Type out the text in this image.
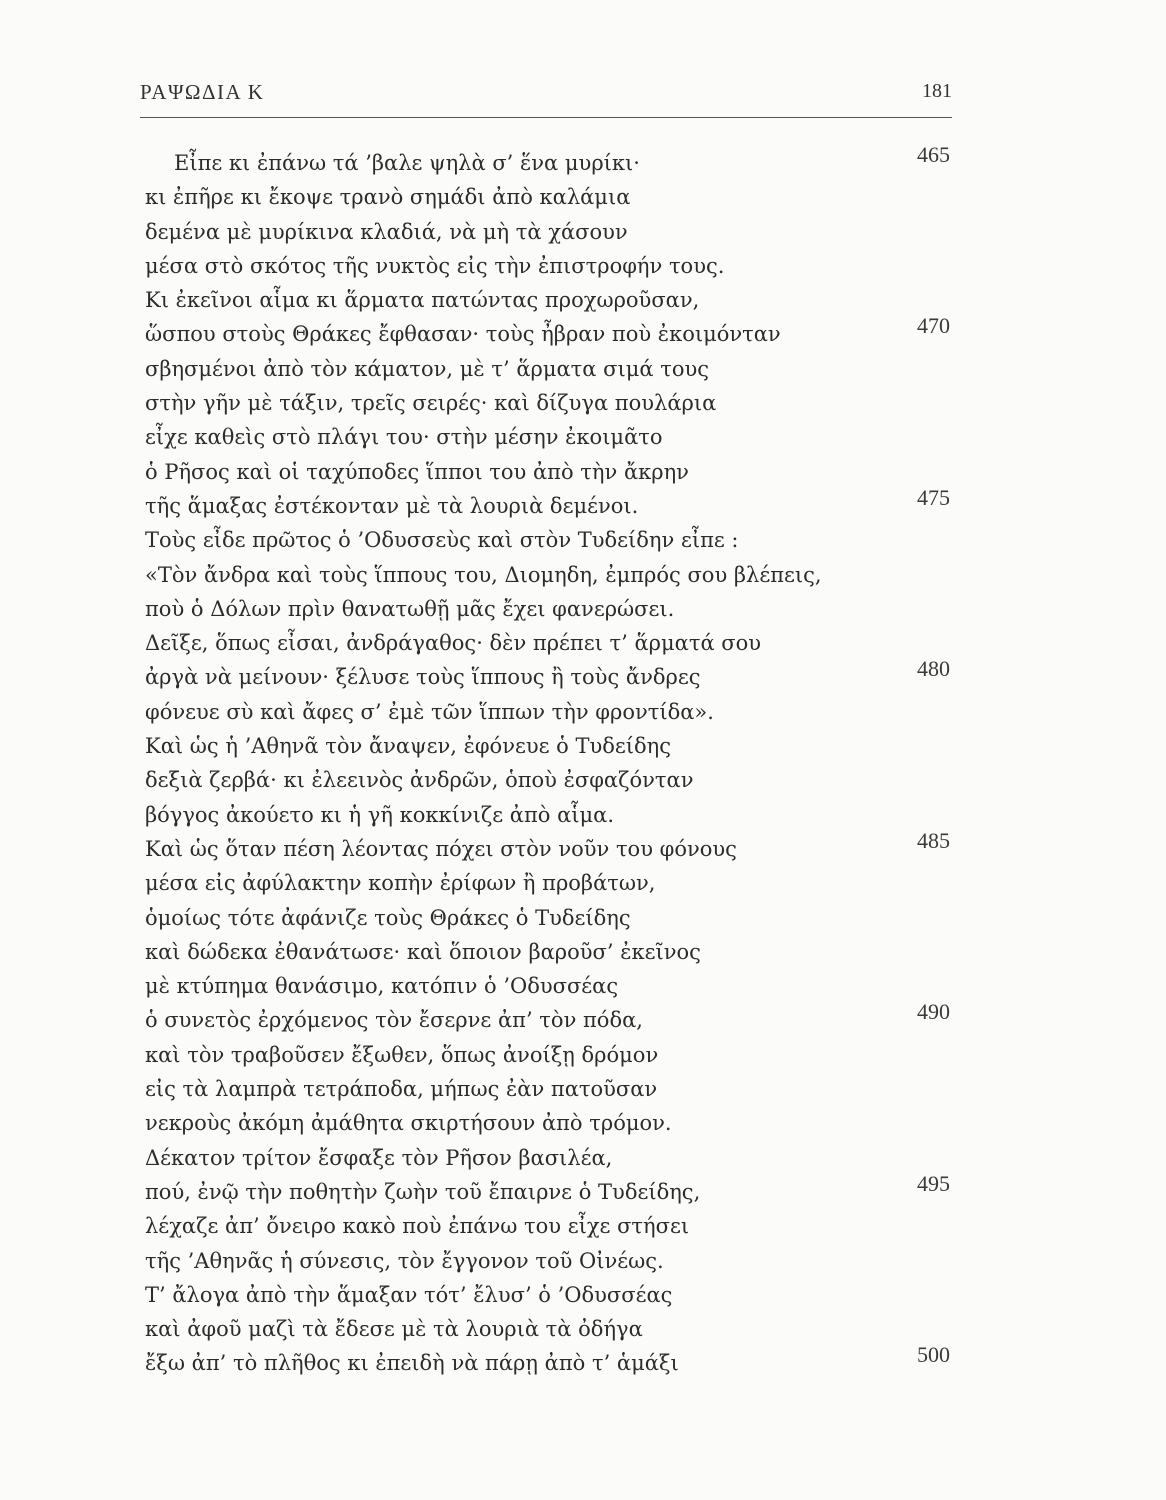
ΡΑΨΩΔΙΑ Κ	181
Εἶπε κι ἐπάνω τά ’βαλε ψηλὰ σ’ ἕνα μυρίκι·	465
κι ἐπῆρε κι ἔκοψε τρανὸ σημάδι ἀπὸ καλάμια
δεμένα μὲ μυρίκινα κλαδιά, νὰ μὴ τὰ χάσουν
μέσα στὸ σκότος τῆς νυκτὸς εἰς τὴν ἐπιστροφήν τους.
Κι ἐκεῖνοι αἷμα κι ἅρματα πατώντας προχωροῦσαν,
ὥσπου στοὺς Θράκες ἔφθασαν· τοὺς ἦβραν ποὺ ἐκοιμόνταν	470
σβησμένοι ἀπὸ τὸν κάματον, μὲ τ’ ἅρματα σιμά τους
στὴν γῆν μὲ τάξιν, τρεῖς σειρές· καὶ δίζυγα πουλάρια
εἶχε καθεὶς στὸ πλάγι του· στὴν μέσην ἐκοιμᾶτο
ὁ Ρῆσος καὶ οἱ ταχύποδες ἵπποι του ἀπὸ τὴν ἄκρην
τῆς ἅμαξας ἐστέκονταν μὲ τὰ λουριὰ δεμένοι.	475
Τοὺς εἶδε πρῶτος ὁ ’Οδυσσεὺς καὶ στὸν Τυδείδην εἶπε :
«Τὸν ἄνδρα καὶ τοὺς ἵππους του, Διομηδη, ἐμπρός σου βλέπεις,
ποὺ ὁ Δόλων πρὶν θανατωθῇ μᾶς ἔχει φανερώσει.
Δεῖξε, ὅπως εἶσαι, ἀνδράγαθος· δὲν πρέπει τ’ ἅρματά σου
ἀργὰ νὰ μείνουν· ξέλυσε τοὺς ἵππους ἢ τοὺς ἄνδρες	480
φόνευε σὺ καὶ ἄφες σ’ ἐμὲ τῶν ἵππων τὴν φροντίδα».
Καὶ ὡς ἡ ’Αθηνᾶ τὸν ἄναψεν, ἐφόνευε ὁ Τυδείδης
δεξιὰ ζερβά· κι ἐλεεινὸς ἀνδρῶν, ὁποὺ ἐσφαζόνταν
βόγγος ἀκούετο κι ἡ γῆ κοκκίνιζε ἀπὸ αἷμα.
Καὶ ὡς ὅταν πέση λέοντας πόχει στὸν νοῦν του φόνους	485
μέσα εἰς ἀφύλακτην κοπὴν ἐρίφων ἢ προβάτων,
ὁμοίως τότε ἀφάνιζε τοὺς Θράκες ὁ Τυδείδης
καὶ δώδεκα ἐθανάτωσε· καὶ ὅποιον βαροῦσ’ ἐκεῖνος
μὲ κτύπημα θανάσιμο, κατόπιν ὁ ’Οδυσσέας
ὁ συνετὸς ἐρχόμενος τὸν ἔσερνε ἀπ’ τὸν πόδα,	490
καὶ τὸν τραβοῦσεν ἔξωθεν, ὅπως ἀνοίξῃ δρόμον
εἰς τὰ λαμπρὰ τετράποδα, μήπως ἐὰν πατοῦσαν
νεκροὺς ἀκόμη ἀμάθητα σκιρτήσουν ἀπὸ τρόμον.
Δέκατον τρίτον ἔσφαξε τὸν Ρῆσον βασιλέα,
πού, ἐνῷ τὴν ποθητὴν ζωὴν τοῦ ἔπαιρνε ὁ Τυδείδης,	495
λέχαζε ἀπ’ ὄνειρο κακὸ ποὺ ἐπάνω του εἶχε στήσει
τῆς ’Αθηνᾶς ἡ σύνεσις, τὸν ἔγγονον τοῦ Οἰνέως.
Τ’ ἄλογα ἀπὸ τὴν ἅμαξαν τότ’ ἔλυσ’ ὁ ’Οδυσσέας
καὶ ἀφοῦ μαζὶ τὰ ἔδεσε μὲ τὰ λουριὰ τὰ ὀδήγα
ἔξω ἀπ’ τὸ πλῆθος κι ἐπειδὴ νὰ πάρῃ ἀπὸ τ’ ἁμάξι	500
